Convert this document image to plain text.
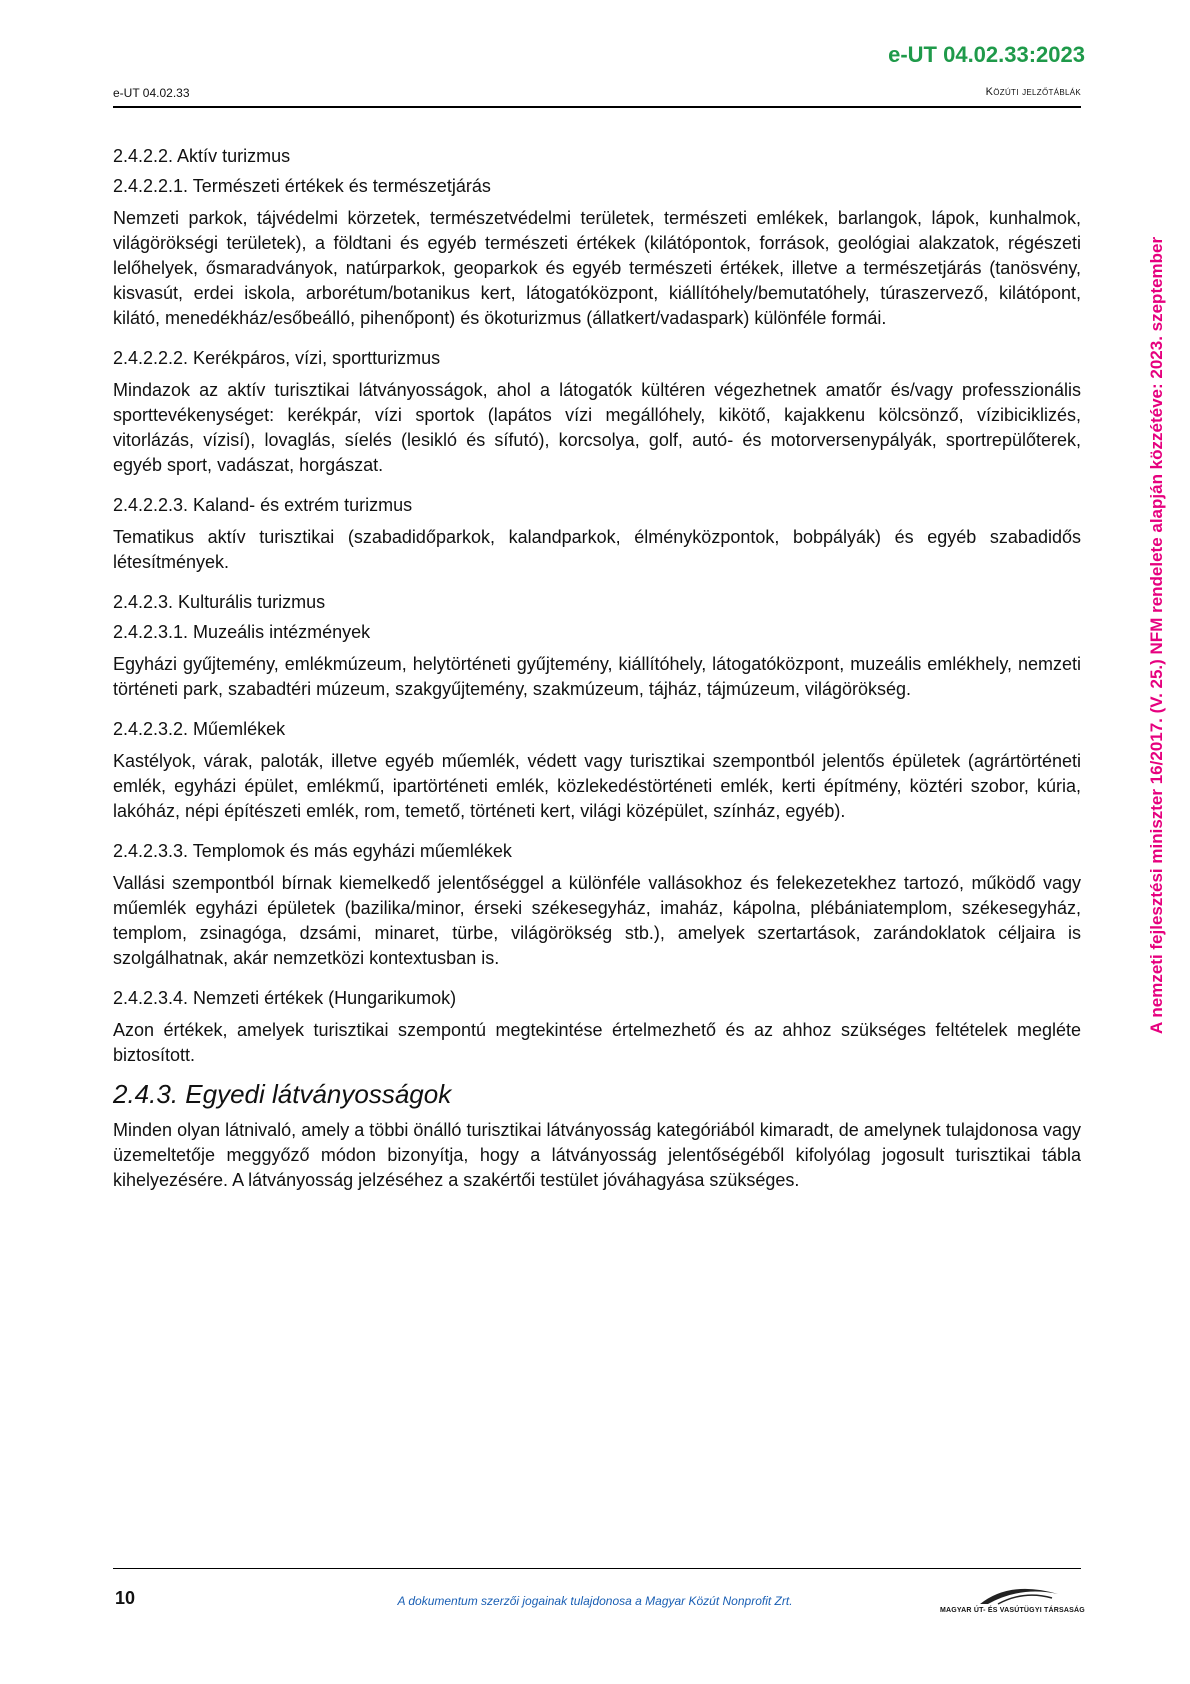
e-UT 04.02.33:2023
e-UT 04.02.33	Közúti jelzőtáblák
A nemzeti fejlesztési miniszter 16/2017. (V. 25.) NFM rendelete alapján közzétéve: 2023. szeptember
2.4.2.2. Aktív turizmus
2.4.2.2.1. Természeti értékek és természetjárás

Nemzeti parkok, tájvédelmi körzetek, természetvédelmi területek, természeti emlékek, barlangok, lápok, kunhalmok, világörökségi területek), a földtani és egyéb természeti értékek (kilátópontok, források, geológiai alakzatok, régészeti lelőhelyek, ősmaradványok, natúrparkok, geoparkok és egyéb természeti értékek, illetve a természetjárás (tanösvény, kisvasút, erdei iskola, arborétum/botanikus kert, látogatóközpont, kiállítóhely/bemutatóhely, túraszervező, kilátópont, kilátó, menedékház/esőbeálló, pihenőpont) és ökoturizmus (állatkert/vadaspark) különféle formái.

2.4.2.2.2. Kerékpáros, vízi, sportturizmus

Mindazok az aktív turisztikai látványosságok, ahol a látogatók kültéren végezhetnek amatőr és/vagy professzionális sporttevékenységet: kerékpár, vízi sportok (lapátos vízi megállóhely, kikötő, kajakkenu kölcsönző, vízibiciklizés, vitorlázás, vízisí), lovaglás, síelés (lesikló és sífutó), korcsolya, golf, autó- és motorversenypályák, sportrepülőterek, egyéb sport, vadászat, horgászat.

2.4.2.2.3. Kaland- és extrém turizmus

Tematikus aktív turisztikai (szabadidőparkok, kalandparkok, élményközpontok, bobpályák) és egyéb szabadidős létesítmények.

2.4.2.3. Kulturális turizmus
2.4.2.3.1. Muzeális intézmények

Egyházi gyűjtemény, emlékmúzeum, helytörténeti gyűjtemény, kiállítóhely, látogatóközpont, muzeális emlékhely, nemzeti történeti park, szabadtéri múzeum, szakgyűjtemény, szakmúzeum, tájház, tájmúzeum, világörökség.

2.4.2.3.2. Műemlékek

Kastélyok, várak, paloták, illetve egyéb műemlék, védett vagy turisztikai szempontból jelentős épületek (agrártörténeti emlék, egyházi épület, emlékmű, ipartörténeti emlék, közlekedéstörténeti emlék, kerti építmény, köztéri szobor, kúria, lakóház, népi építészeti emlék, rom, temető, történeti kert, világi középület, színház, egyéb).

2.4.2.3.3. Templomok és más egyházi műemlékek

Vallási szempontból bírnak kiemelkedő jelentőséggel a különféle vallásokhoz és felekezetekhez tartozó, működő vagy műemlék egyházi épületek (bazilika/minor, érseki székesegyház, imaház, kápolna, plébániatemplom, székesegyház, templom, zsinagóga, dzsámi, minaret, türbe, világörökség stb.), amelyek szertartások, zarándoklatok céljaira is szolgálhatnak, akár nemzetközi kontextusban is.

2.4.2.3.4. Nemzeti értékek (Hungarikumok)

Azon értékek, amelyek turisztikai szempontú megtekintése értelmezhető és az ahhoz szükséges feltételek megléte biztosított.

2.4.3. Egyedi látványosságok

Minden olyan látnivaló, amely a többi önálló turisztikai látványosság kategóriából kimaradt, de amelynek tulajdonosa vagy üzemeltetője meggyőző módon bizonyítja, hogy a látványosság jelentőségéből kifolyólag jogosult turisztikai tábla kihelyezésére. A látványosság jelzéséhez a szakértői testület jóváhagyása szükséges.

10	A dokumentum szerzői jogainak tulajdonosa a Magyar Közút Nonprofit Zrt.
MAGYAR ÚT- ÉS VASÚTÜGYI TÁRSASÁG
